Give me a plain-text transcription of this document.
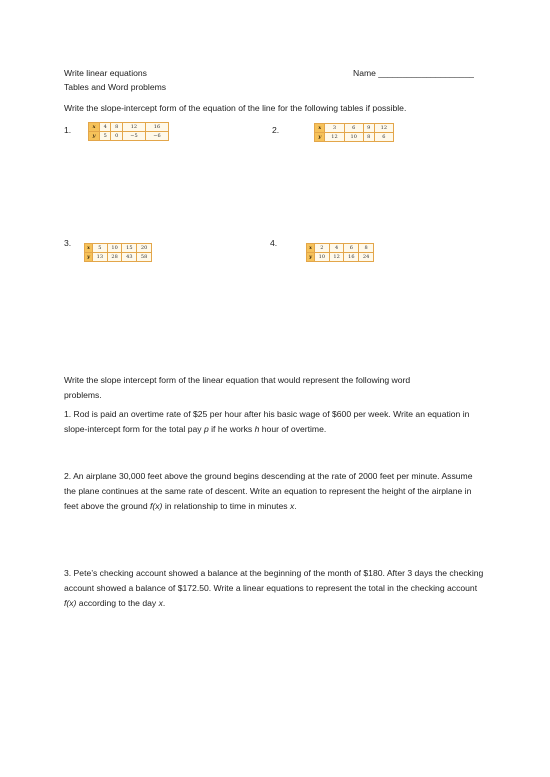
Write linear equations	Name ____________________
Tables and Word problems
Write the slope-intercept form of the equation of the line for the following tables if possible.
1.	x	4	8	12	16
y	5	0	−5	−6
2.	x	3	6	9	12
y	12	10	8	6
3.	x	5	10	15	20
y	13	28	43	58
4.	x	2	4	6	8
y	10	12	16	24
Write the slope intercept form of the linear equation that would represent the following word
problems.
1. Rod is paid an overtime rate of $25 per hour after his basic wage of $600 per week. Write an equation in slope-intercept form for the total pay p if he works h hour of overtime.
2. An airplane 30,000 feet above the ground begins descending at the rate of 2000 feet per minute. Assume the plane continues at the same rate of descent. Write an equation to represent the height of the airplane in feet above the ground f(x) in relationship to time in minutes x.
3. Pete’s checking account showed a balance at the beginning of the month of $180. After 3 days the checking account showed a balance of $172.50. Write a linear equations to represent the total in the checking account f(x) according to the day x.
